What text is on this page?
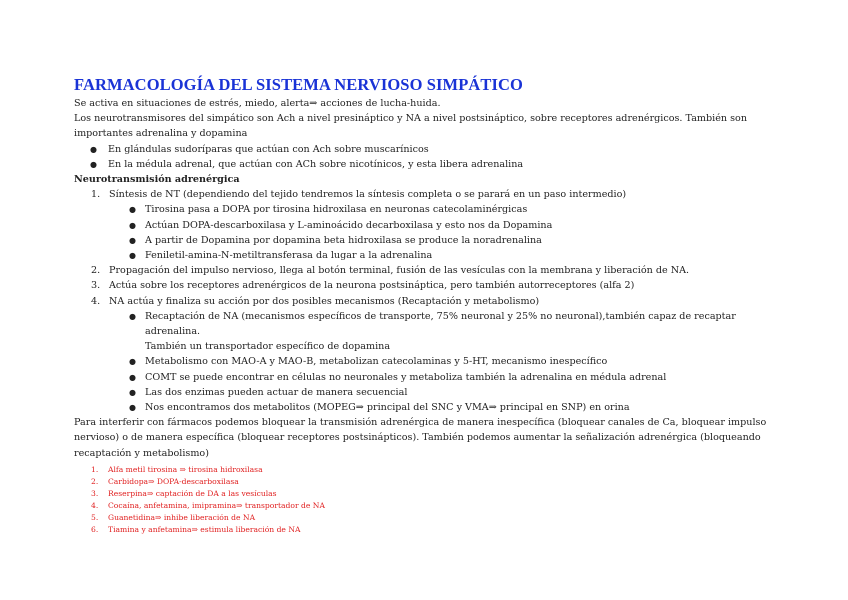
FARMACOLOGÍA DEL SISTEMA NERVIOSO SIMPÁTICO

Se activa en situaciones de estrés, miedo, alerta⇒ acciones de lucha-huida.

Los neurotransmisores del simpático son Ach a nivel presináptico y NA a nivel postsináptico, sobre receptores adrenérgicos. También son

importantes adrenalina y dopamina

● En glándulas sudoríparas que actúan con Ach sobre muscarínicos

● En la médula adrenal, que actúan con ACh sobre nicotínicos, y esta libera adrenalina

Neurotransmisión adrenérgica

1. Síntesis de NT (dependiendo del tejido tendremos la síntesis completa o se parará en un paso intermedio)

● Tirosina pasa a DOPA por tirosina hidroxilasa en neuronas catecolaminérgicas

● Actúan DOPA-descarboxilasa y L-aminoácido decarboxilasa y esto nos da Dopamina

● A partir de Dopamina por dopamina beta hidroxilasa se produce la noradrenalina

● Feniletil-amina-N-metiltransferasa da lugar a la adrenalina

2. Propagación del impulso nervioso, llega al botón terminal, fusión de las vesículas con la membrana y liberación de NA.

3. Actúa sobre los receptores adrenérgicos de la neurona postsináptica, pero también autorreceptores (alfa 2)

4. NA actúa y finaliza su acción por dos posibles mecanismos (Recaptación y metabolismo)

● Recaptación de NA (mecanismos específicos de transporte, 75% neuronal y 25% no neuronal),también capaz de recaptar adrenalina.

También un transportador específico de dopamina

● Metabolismo con MAO-A y MAO-B, metabolizan catecolaminas y 5-HT, mecanismo inespecífico

● COMT se puede encontrar en células no neuronales y metaboliza también la adrenalina en médula adrenal

● Las dos enzimas pueden actuar de manera secuencial

● Nos encontramos dos metabolitos (MOPEG⇒ principal del SNC y VMA⇒ principal en SNP) en orina

Para interferir con fármacos podemos bloquear la transmisión adrenérgica de manera inespecífica (bloquear canales de Ca, bloquear impulso

nervioso) o de manera específica (bloquear receptores postsinápticos). También podemos aumentar la señalización adrenérgica (bloqueando

recaptación y metabolismo)

1. Alfa metil tirosina ⇒ tirosina hidroxilasa

2. Carbidopa⇒ DOPA-descarboxilasa

3. Reserpina⇒ captación de DA a las vesículas

4. Cocaína, anfetamina, imipramina⇒ transportador de NA

5. Guanetidina⇒ inhibe liberación de NA

6. Tiamina y anfetamina⇒ estimula liberación de NA
